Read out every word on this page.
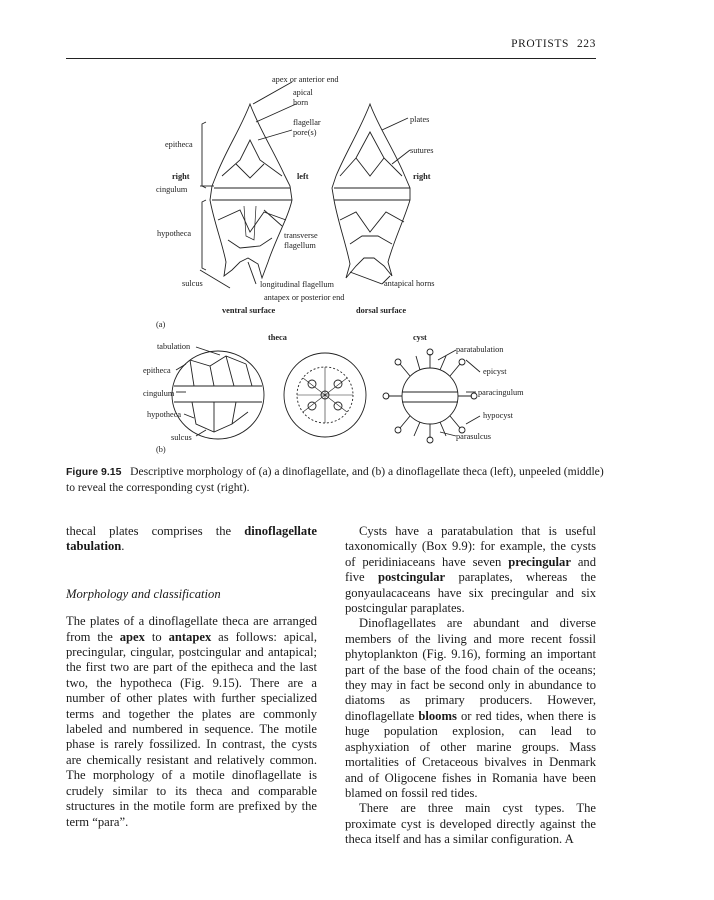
PROTISTS 223
apex or anterior end
apical
horn
flagellar
pore(s)
plates
sutures
epitheca
right	left	right
cingulum
hypotheca	transverse
flagellum
sulcus	longitudinal flagellum	antapical horns
antapex or posterior end
ventral surface	dorsal surface
(a)
theca	cyst
tabulation
epitheca
cingulum
hypotheca
sulcus
paratabulation
epicyst
paracingulum
hypocyst
parasulcus
(b)
Figure 9.15 Descriptive morphology of (a) a dinoflagellate, and (b) a dinoflagellate theca (left), unpeeled (middle) to reveal the corresponding cyst (right).

thecal plates comprises the dinoflagellate tabulation.

Morphology and classification

The plates of a dinoflagellate theca are arranged from the apex to antapex as follows: apical, precingular, cingular, postcingular and antapical; the first two are part of the epitheca and the last two, the hypotheca (Fig. 9.15). There are a number of other plates with further specialized terms and together the plates are commonly labeled and numbered in sequence. The motile phase is rarely fossilized. In contrast, the cysts are chemically resistant and relatively common. The morphology of a motile dinoflagellate is crudely similar to its theca and comparable structures in the motile form are prefixed by the term “para”.

Cysts have a paratabulation that is useful taxonomically (Box 9.9): for example, the cysts of peridiniaceans have seven precingular and five postcingular paraplates, whereas the gonyaulacaceans have six precingular and six postcingular paraplates.

Dinoflagellates are abundant and diverse members of the living and more recent fossil phytoplankton (Fig. 9.16), forming an important part of the base of the food chain of the oceans; they may in fact be second only in abundance to diatoms as primary producers. However, dinoflagellate blooms or red tides, when there is huge population explosion, can lead to asphyxiation of other marine groups. Mass mortalities of Cretaceous bivalves in Denmark and of Oligocene fishes in Romania have been blamed on fossil red tides.

There are three main cyst types. The proximate cyst is developed directly against the theca itself and has a similar configuration. A
